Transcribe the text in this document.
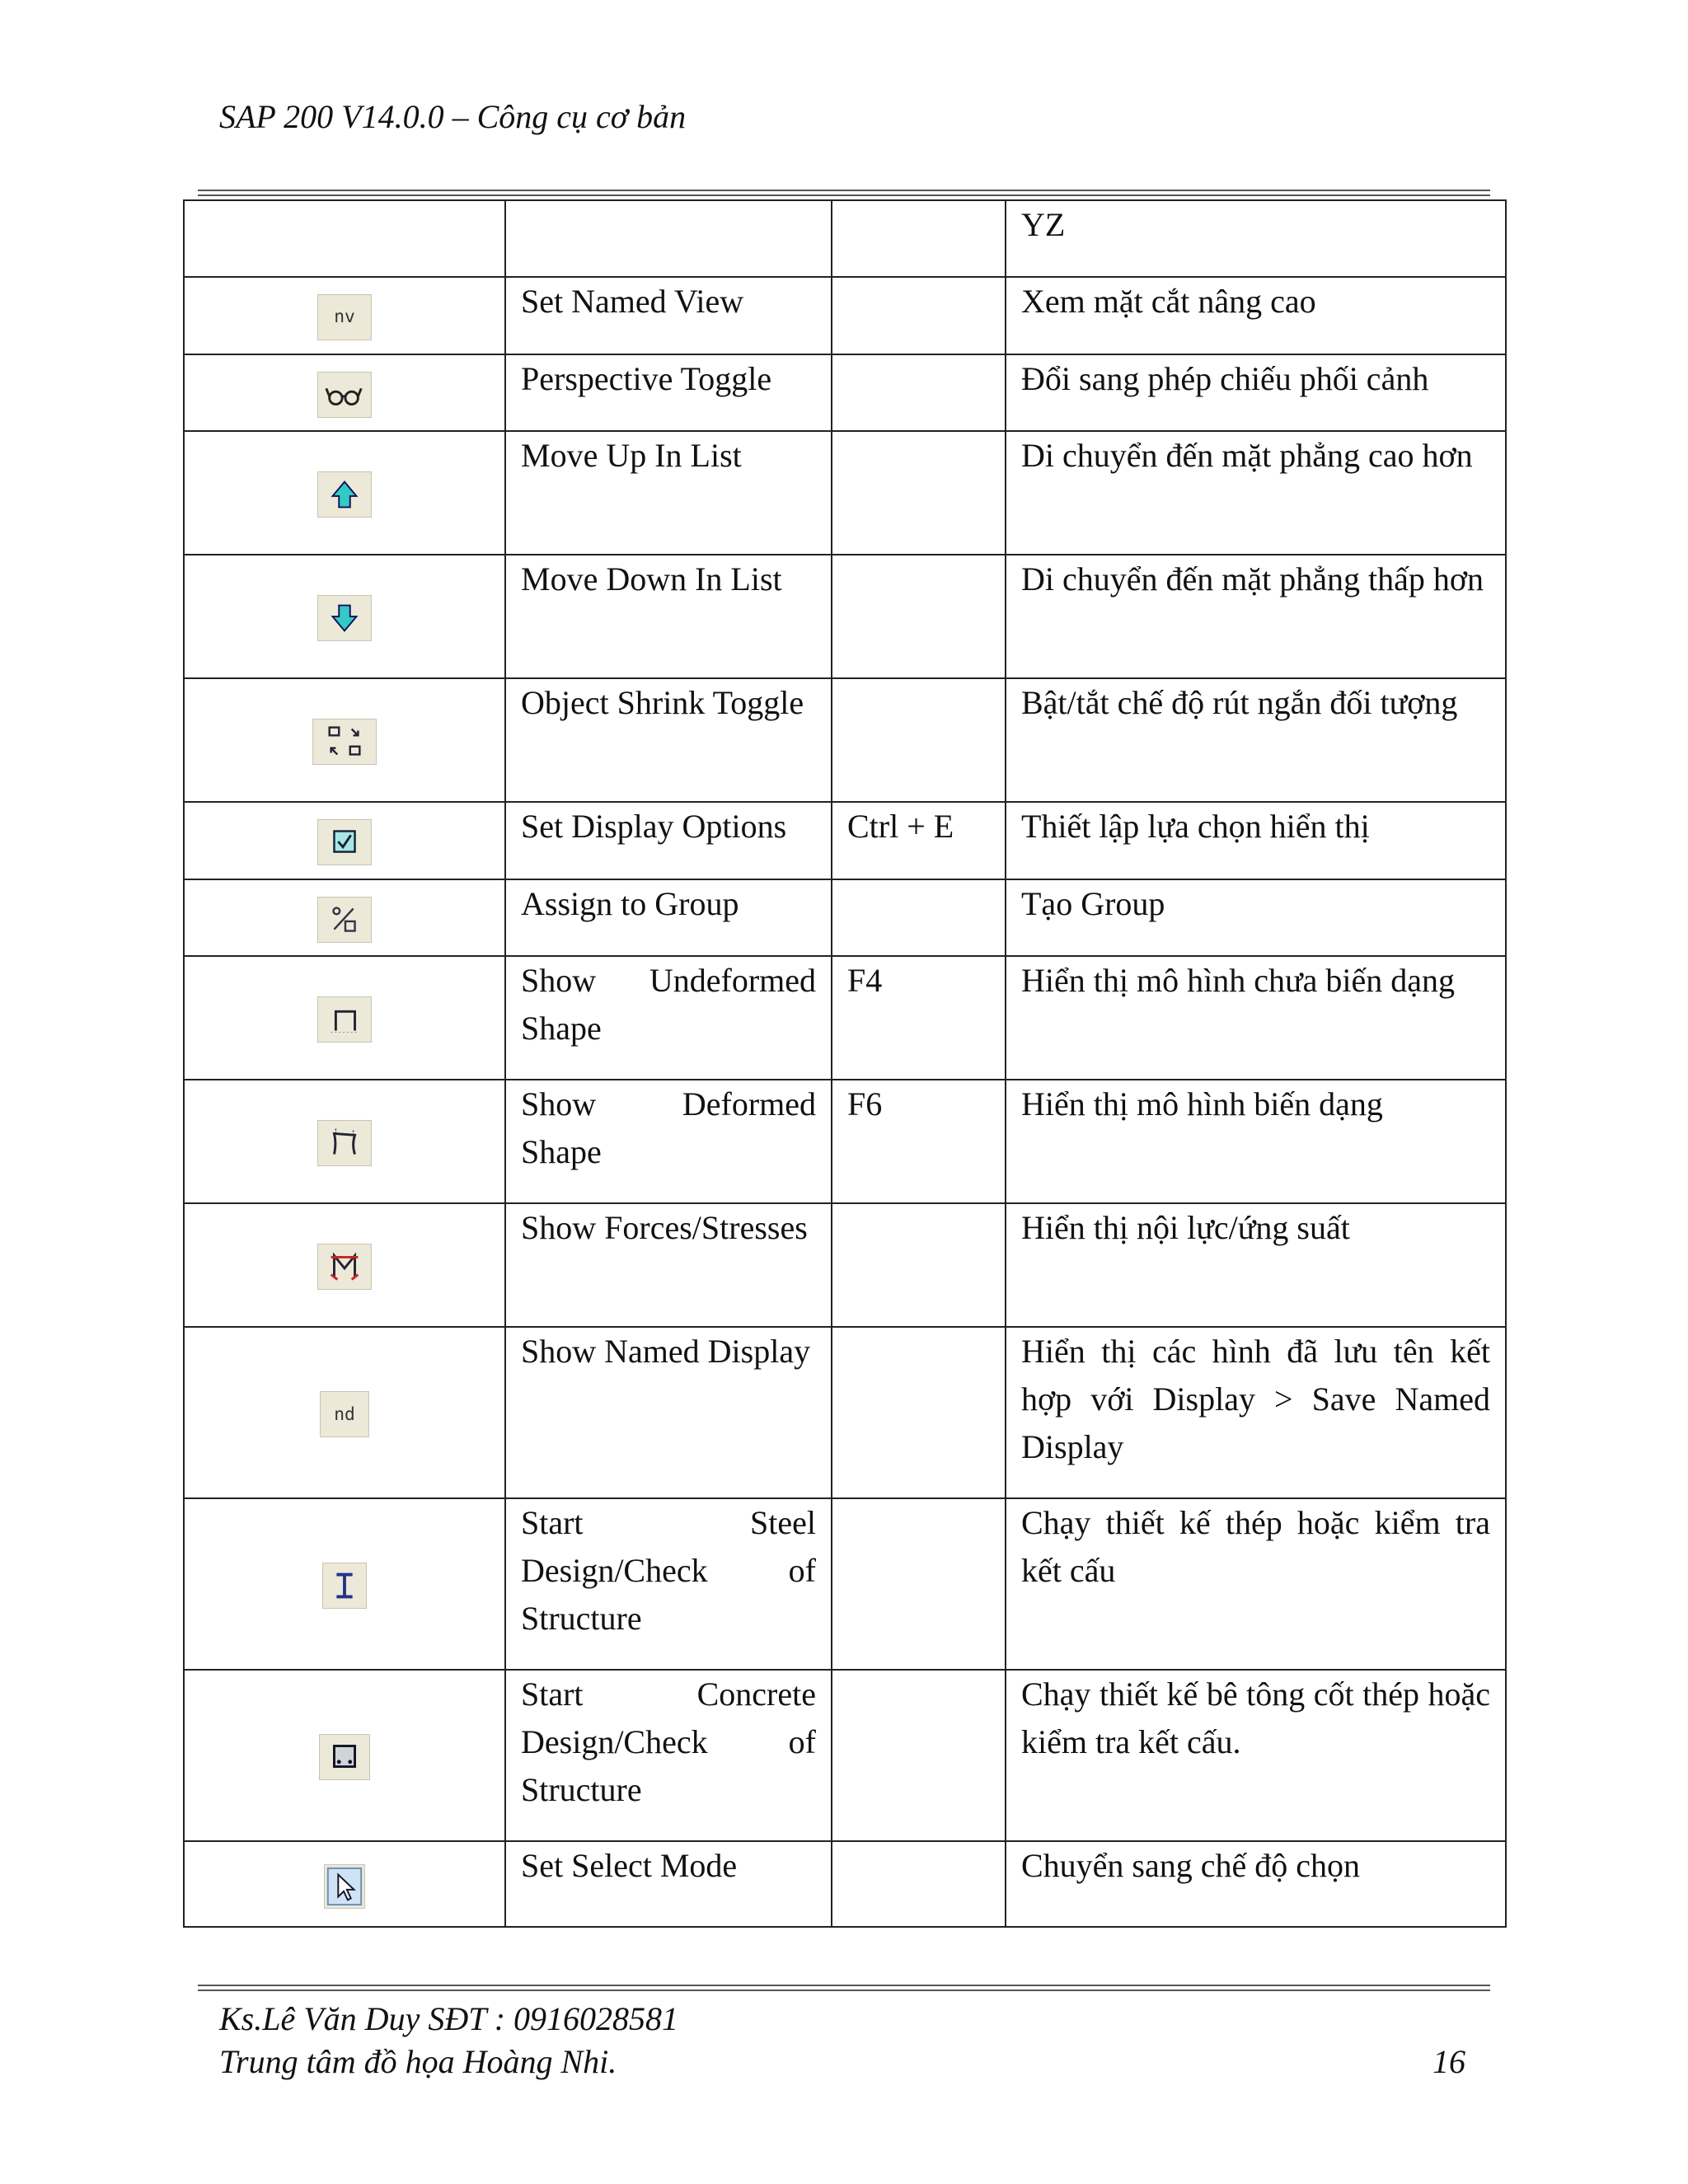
SAP 200 V14.0.0 – Công cụ cơ bản
			YZ

nv	Set Named View		Xem mặt cắt nâng cao

	Perspective Toggle		Đổi sang phép chiếu phối cảnh

	Move Up In List		Di chuyển đến mặt phẳng cao hơn

	Move Down In List		Di chuyển đến mặt phẳng thấp hơn

	Object Shrink Toggle		Bật/tắt chế độ rút ngắn đối tượng

	Set Display Options	Ctrl + E	Thiết lập lựa chọn hiển thị

	Assign to Group		Tạo Group

	Show Undeformed Shape	F4	Hiển thị mô hình chưa biến dạng

	Show Deformed Shape	F6	Hiển thị mô hình biến dạng

	Show Forces/Stresses		Hiển thị nội lực/ứng suất

nd	Show Named Display		Hiển thị các hình đã lưu tên kết hợp với Display > Save Named Display

	Start Steel Design/Check of Structure		Chạy thiết kế thép hoặc kiểm tra kết cấu

	Start Concrete Design/Check of Structure		Chạy thiết kế bê tông cốt thép hoặc kiểm tra kết cấu.

	Set Select Mode		Chuyển sang chế độ chọn
Ks.Lê Văn Duy SĐT : 0916028581
Trung tâm đồ họa Hoàng Nhi.	16
